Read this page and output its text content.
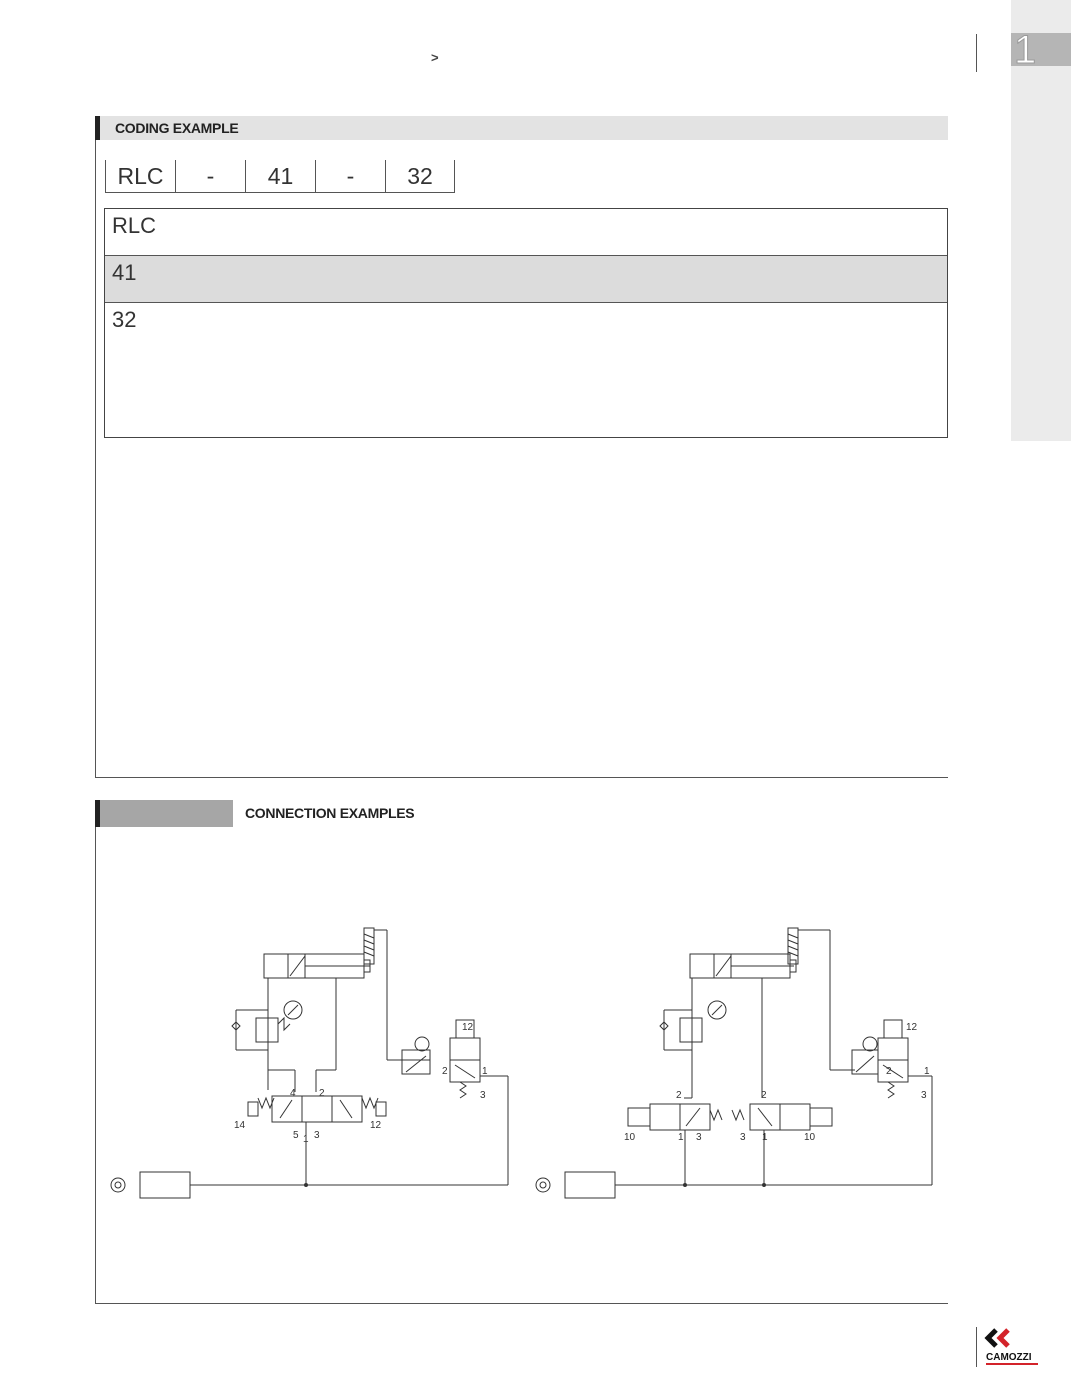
1
>
CODING EXAMPLE
RLC	-	41	-	32
RLC
41
32
CONNECTION EXAMPLES
12
1
2
3
4 2
14
5 1 3
12
12
1
2
3
2	2
10	1 3	3 1	10
CAMOZZI
